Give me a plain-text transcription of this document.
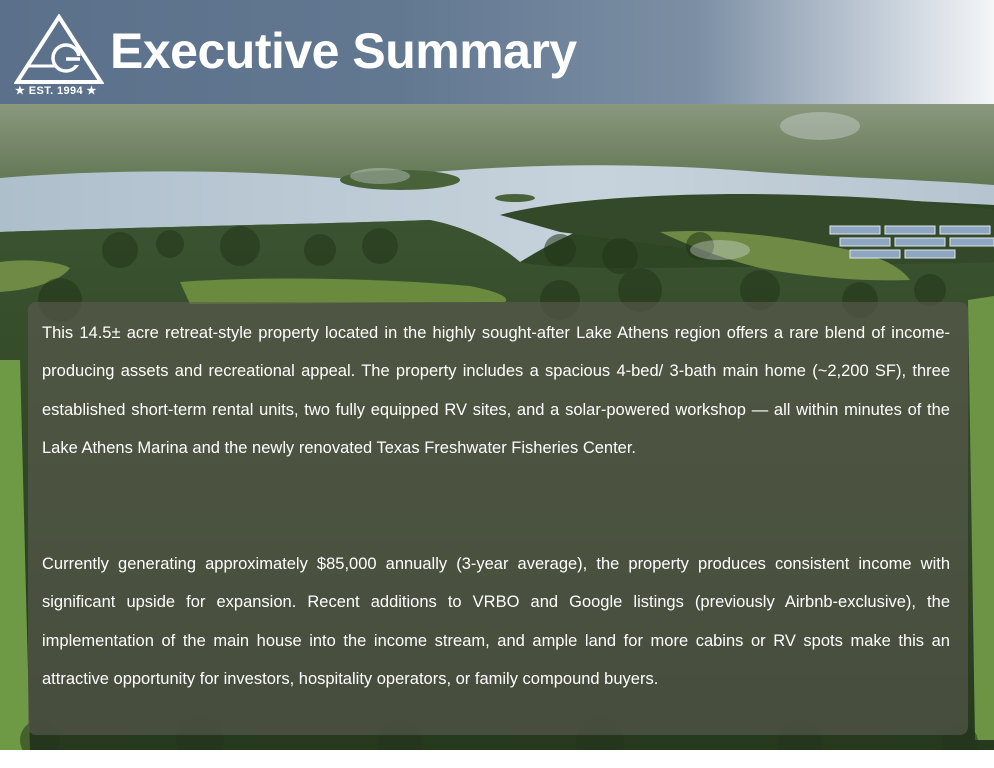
★ EST. 1994 ★
Executive Summary

This 14.5± acre retreat-style property located in the highly sought-after Lake Athens region offers a rare blend of income-producing assets and recreational appeal. The property includes a spacious 4-bed/ 3-bath main home (~2,200 SF), three established short-term rental units, two fully equipped RV sites, and a solar-powered workshop — all within minutes of the Lake Athens Marina and the newly renovated Texas Freshwater Fisheries Center.

Currently generating approximately $85,000 annually (3-year average), the property produces consistent income with significant upside for expansion. Recent additions to VRBO and Google listings (previously Airbnb-exclusive), the implementation of the main house into the income stream, and ample land for more cabins or RV spots make this an attractive opportunity for investors, hospitality operators, or family compound buyers.
